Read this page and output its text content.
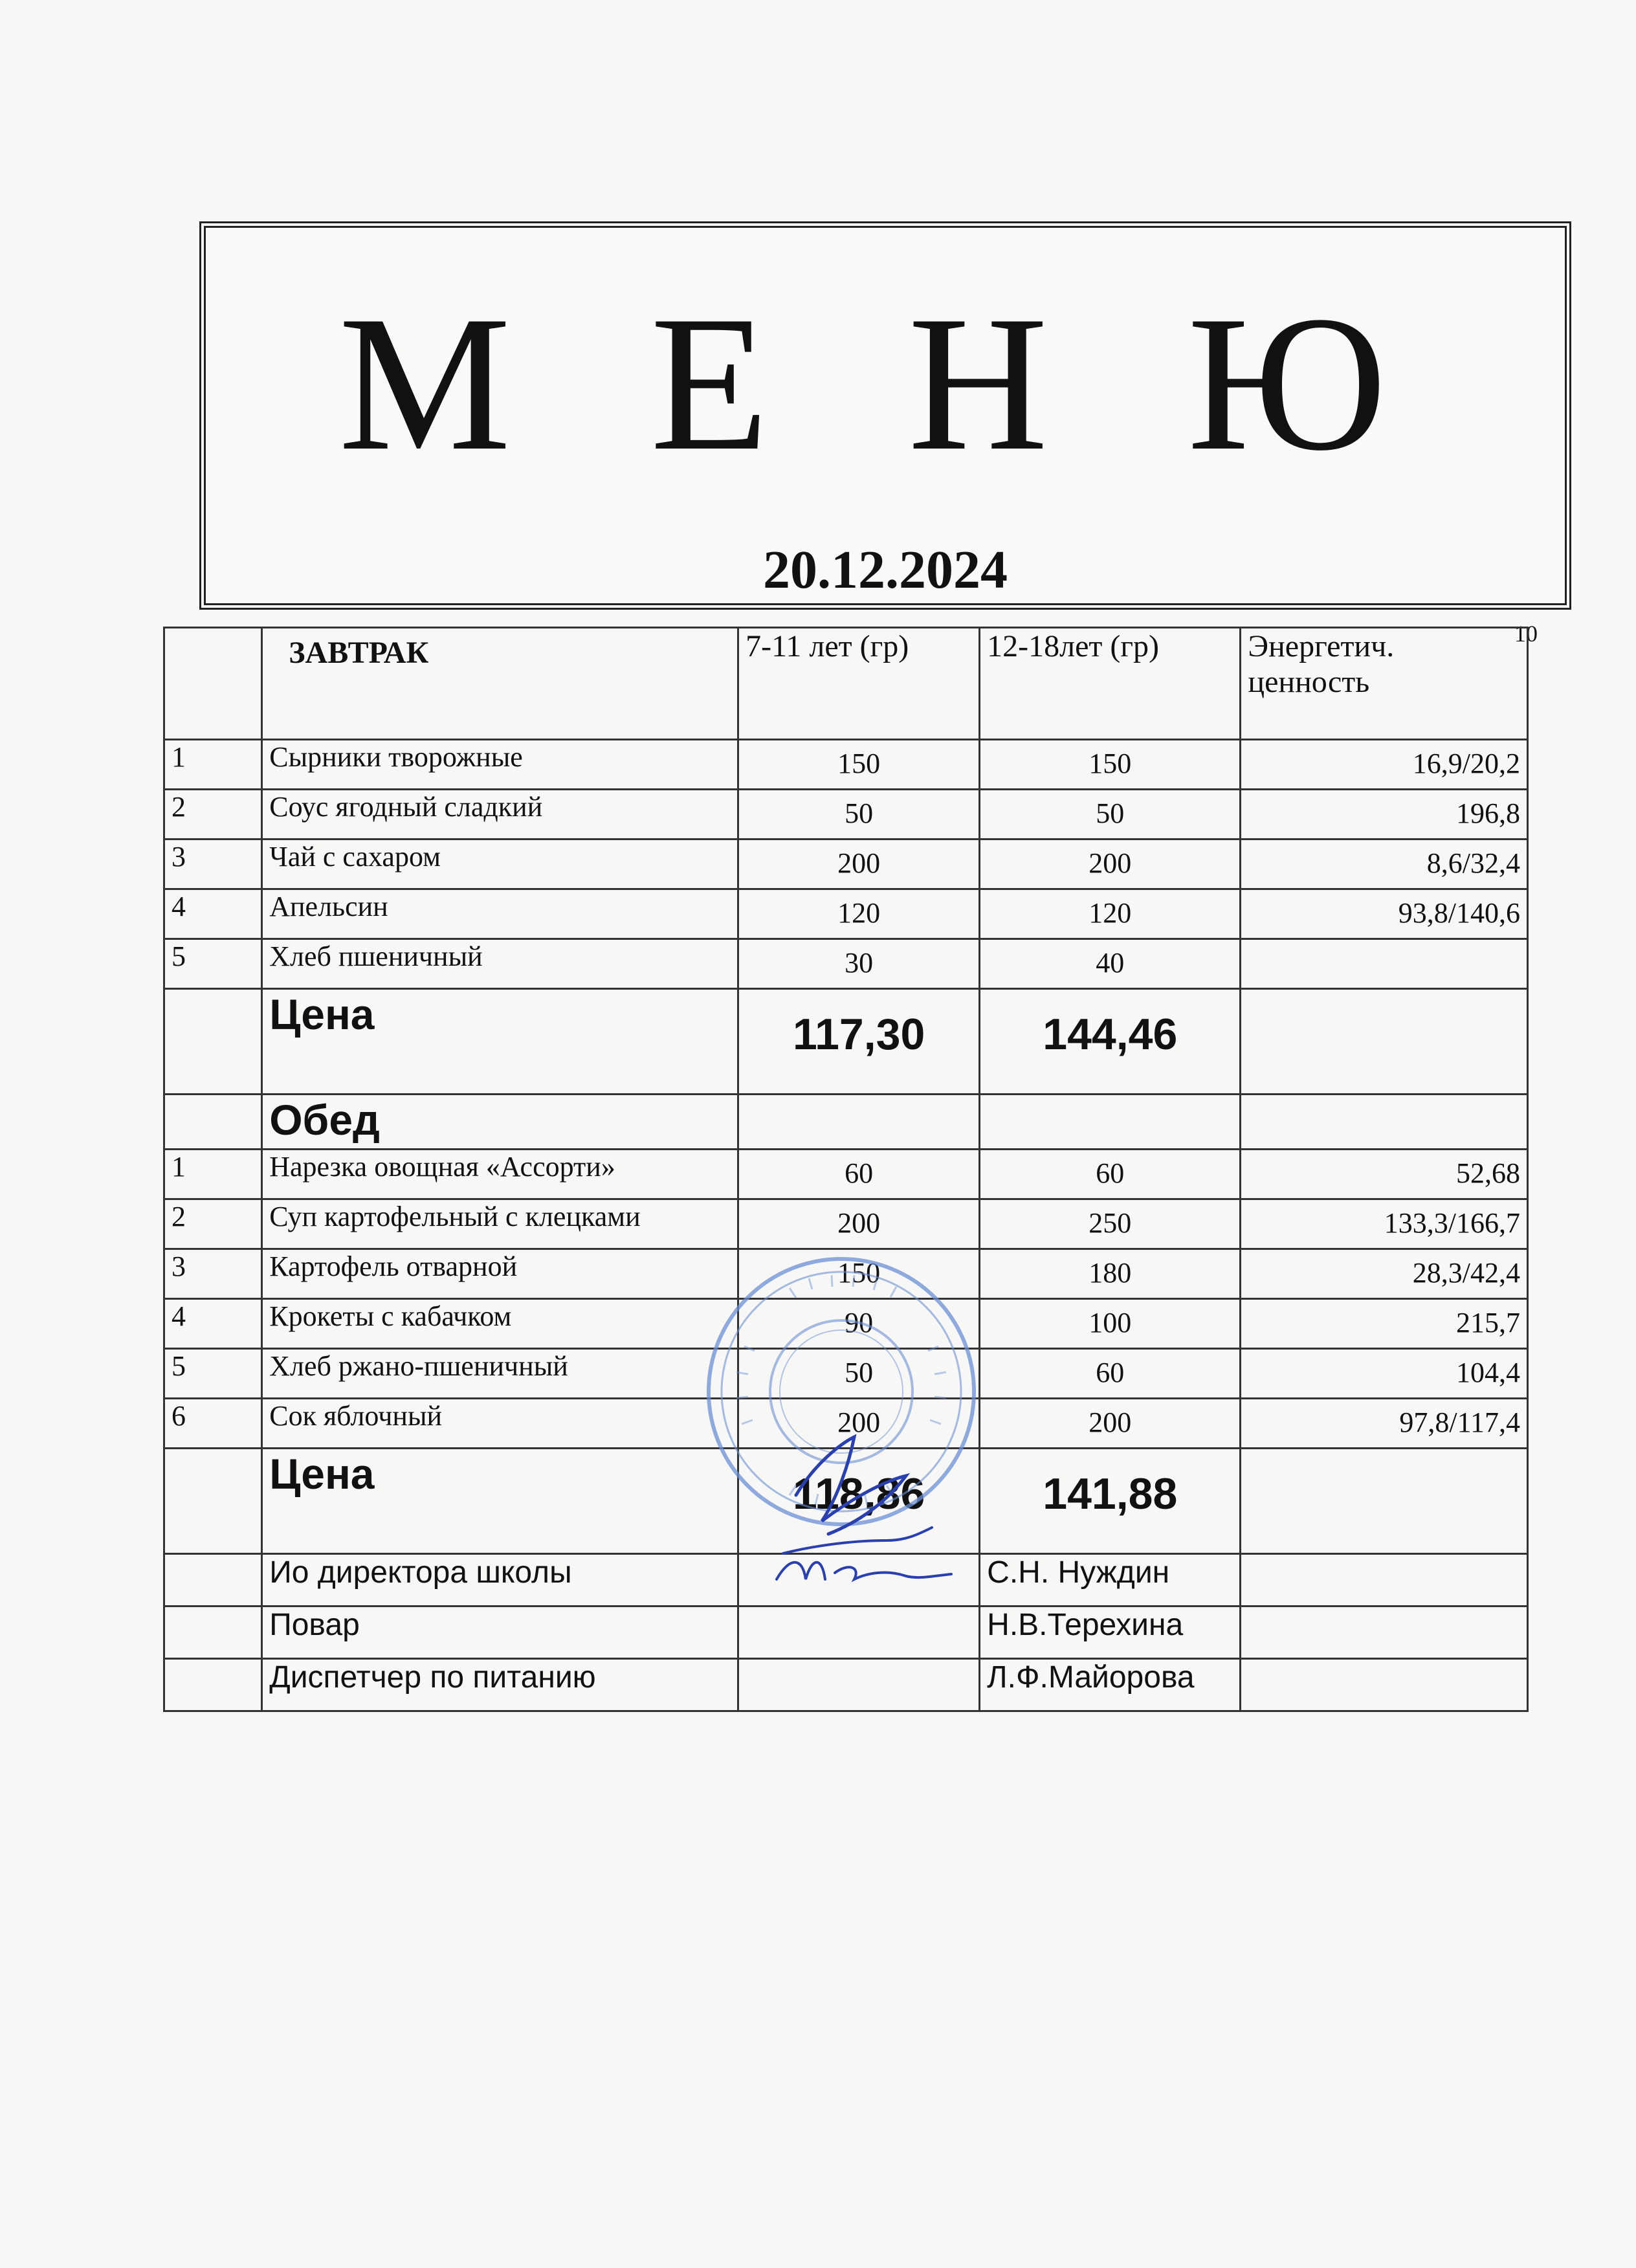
М Е Н Ю
20.12.2024
10
	ЗАВТРАК	7-11 лет (гр)	12-18лет (гр)	Энергетич. ценность
1	Сырники творожные	150	150	16,9/20,2
2	Соус ягодный сладкий	50	50	196,8
3	Чай с сахаром	200	200	8,6/32,4
4	Апельсин	120	120	93,8/140,6
5	Хлеб пшеничный	30	40	
	Цена	117,30	144,46	
	Обед			
1	Нарезка овощная «Ассорти»	60	60	52,68
2	Суп картофельный с клецками	200	250	133,3/166,7
3	Картофель отварной	150	180	28,3/42,4
4	Крокеты с кабачком	90	100	215,7
5	Хлеб ржано-пшеничный	50	60	104,4
6	Сок яблочный	200	200	97,8/117,4
	Цена	118,86	141,88	
	Ио директора школы		С.Н. Нуждин	
	Повар		Н.В.Терехина	
	Диспетчер по питанию		Л.Ф.Майорова	
